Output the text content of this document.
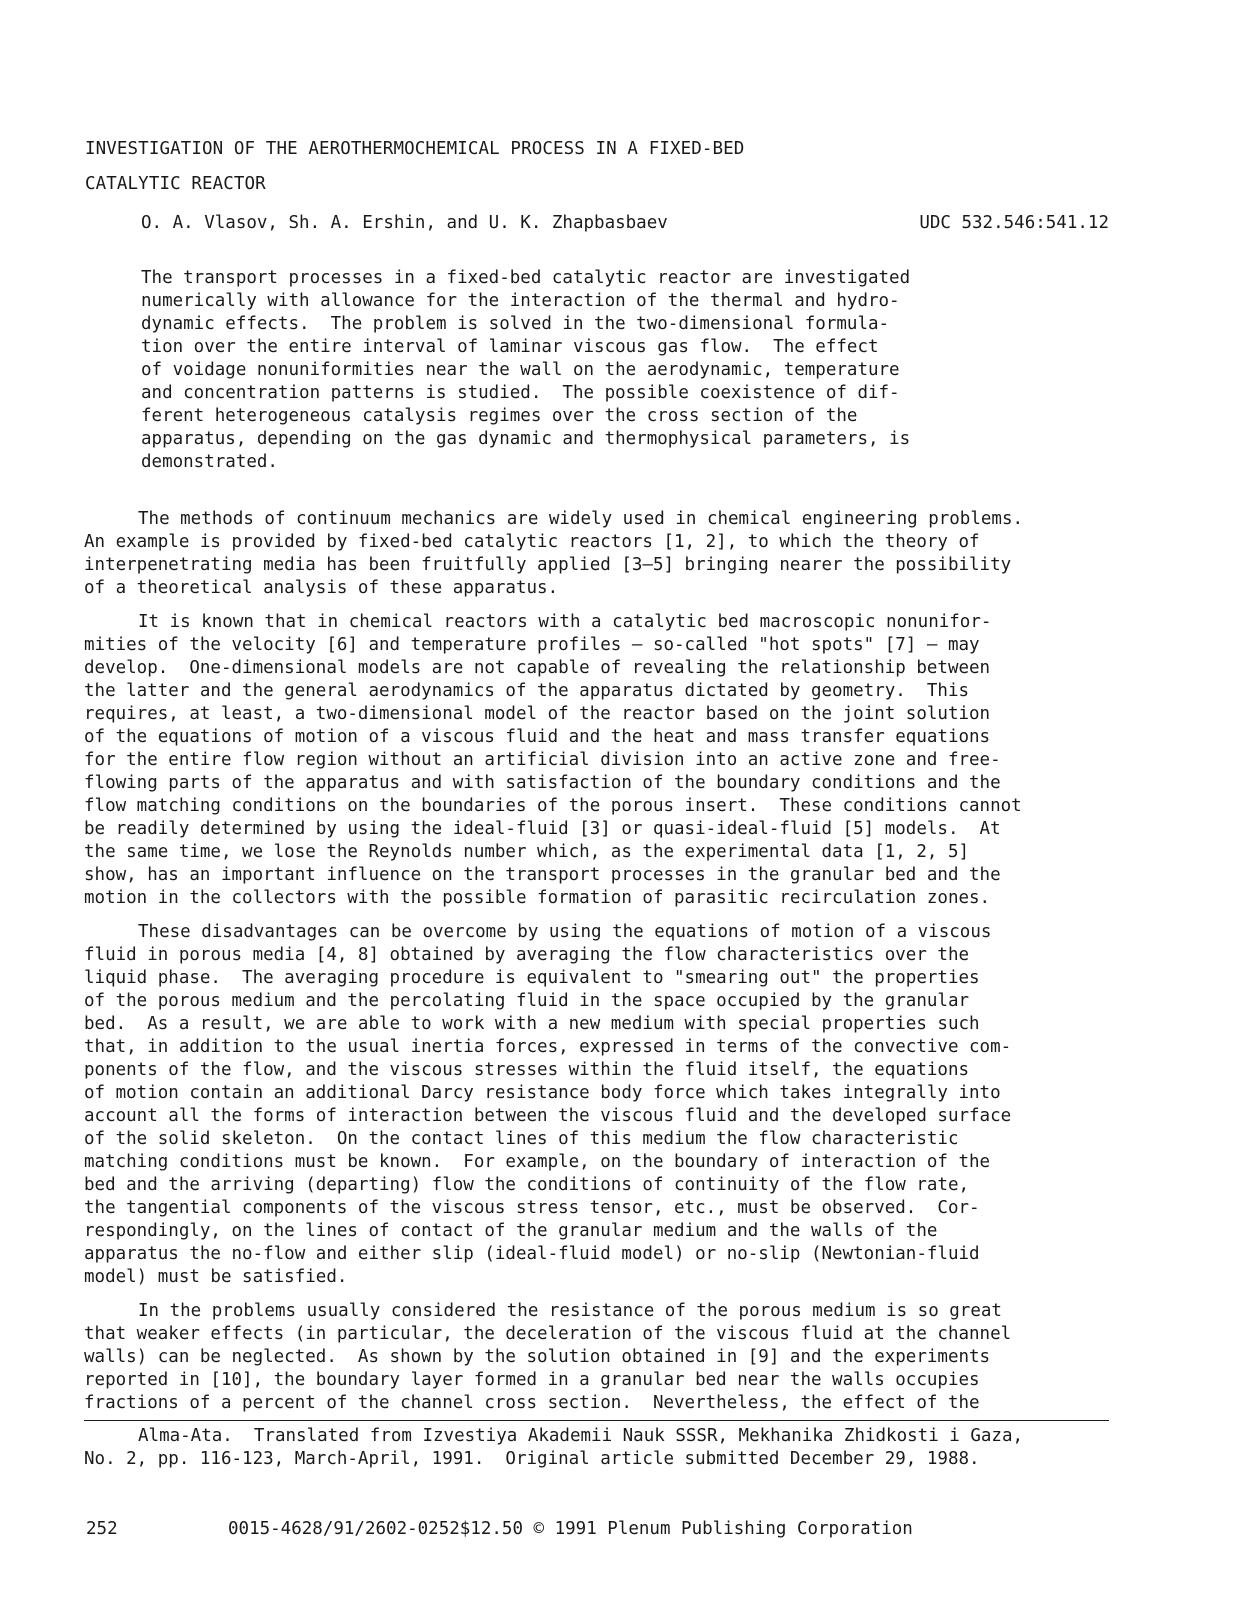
INVESTIGATION OF THE AEROTHERMOCHEMICAL PROCESS IN A FIXED-BED
CATALYTIC REACTOR
O. A. Vlasov, Sh. A. Ershin, and U. K. Zhapbasbaev	UDC 532.546:541.12
The transport processes in a fixed-bed catalytic reactor are investigated
numerically with allowance for the interaction of the thermal and hydro-
dynamic effects.  The problem is solved in the two-dimensional formula-
tion over the entire interval of laminar viscous gas flow.  The effect
of voidage nonuniformities near the wall on the aerodynamic, temperature
and concentration patterns is studied.  The possible coexistence of dif-
ferent heterogeneous catalysis regimes over the cross section of the
apparatus, depending on the gas dynamic and thermophysical parameters, is
demonstrated.
The methods of continuum mechanics are widely used in chemical engineering problems.
An example is provided by fixed-bed catalytic reactors [1, 2], to which the theory of
interpenetrating media has been fruitfully applied [3—5] bringing nearer the possibility
of a theoretical analysis of these apparatus.
It is known that in chemical reactors with a catalytic bed macroscopic nonunifor-
mities of the velocity [6] and temperature profiles — so-called "hot spots" [7] — may
develop.  One-dimensional models are not capable of revealing the relationship between
the latter and the general aerodynamics of the apparatus dictated by geometry.  This
requires, at least, a two-dimensional model of the reactor based on the joint solution
of the equations of motion of a viscous fluid and the heat and mass transfer equations
for the entire flow region without an artificial division into an active zone and free-
flowing parts of the apparatus and with satisfaction of the boundary conditions and the
flow matching conditions on the boundaries of the porous insert.  These conditions cannot
be readily determined by using the ideal-fluid [3] or quasi-ideal-fluid [5] models.  At
the same time, we lose the Reynolds number which, as the experimental data [1, 2, 5]
show, has an important influence on the transport processes in the granular bed and the
motion in the collectors with the possible formation of parasitic recirculation zones.
These disadvantages can be overcome by using the equations of motion of a viscous
fluid in porous media [4, 8] obtained by averaging the flow characteristics over the
liquid phase.  The averaging procedure is equivalent to "smearing out" the properties
of the porous medium and the percolating fluid in the space occupied by the granular
bed.  As a result, we are able to work with a new medium with special properties such
that, in addition to the usual inertia forces, expressed in terms of the convective com-
ponents of the flow, and the viscous stresses within the fluid itself, the equations
of motion contain an additional Darcy resistance body force which takes integrally into
account all the forms of interaction between the viscous fluid and the developed surface
of the solid skeleton.  On the contact lines of this medium the flow characteristic
matching conditions must be known.  For example, on the boundary of interaction of the
bed and the arriving (departing) flow the conditions of continuity of the flow rate,
the tangential components of the viscous stress tensor, etc., must be observed.  Cor-
respondingly, on the lines of contact of the granular medium and the walls of the
apparatus the no-flow and either slip (ideal-fluid model) or no-slip (Newtonian-fluid
model) must be satisfied.
In the problems usually considered the resistance of the porous medium is so great
that weaker effects (in particular, the deceleration of the viscous fluid at the channel
walls) can be neglected.  As shown by the solution obtained in [9] and the experiments
reported in [10], the boundary layer formed in a granular bed near the walls occupies
fractions of a percent of the channel cross section.  Nevertheless, the effect of the
Alma-Ata.  Translated from Izvestiya Akademii Nauk SSSR, Mekhanika Zhidkosti i Gaza,
No. 2, pp. 116-123, March-April, 1991.  Original article submitted December 29, 1988.
252	0015-4628/91/2602-0252$12.50 © 1991 Plenum Publishing Corporation
